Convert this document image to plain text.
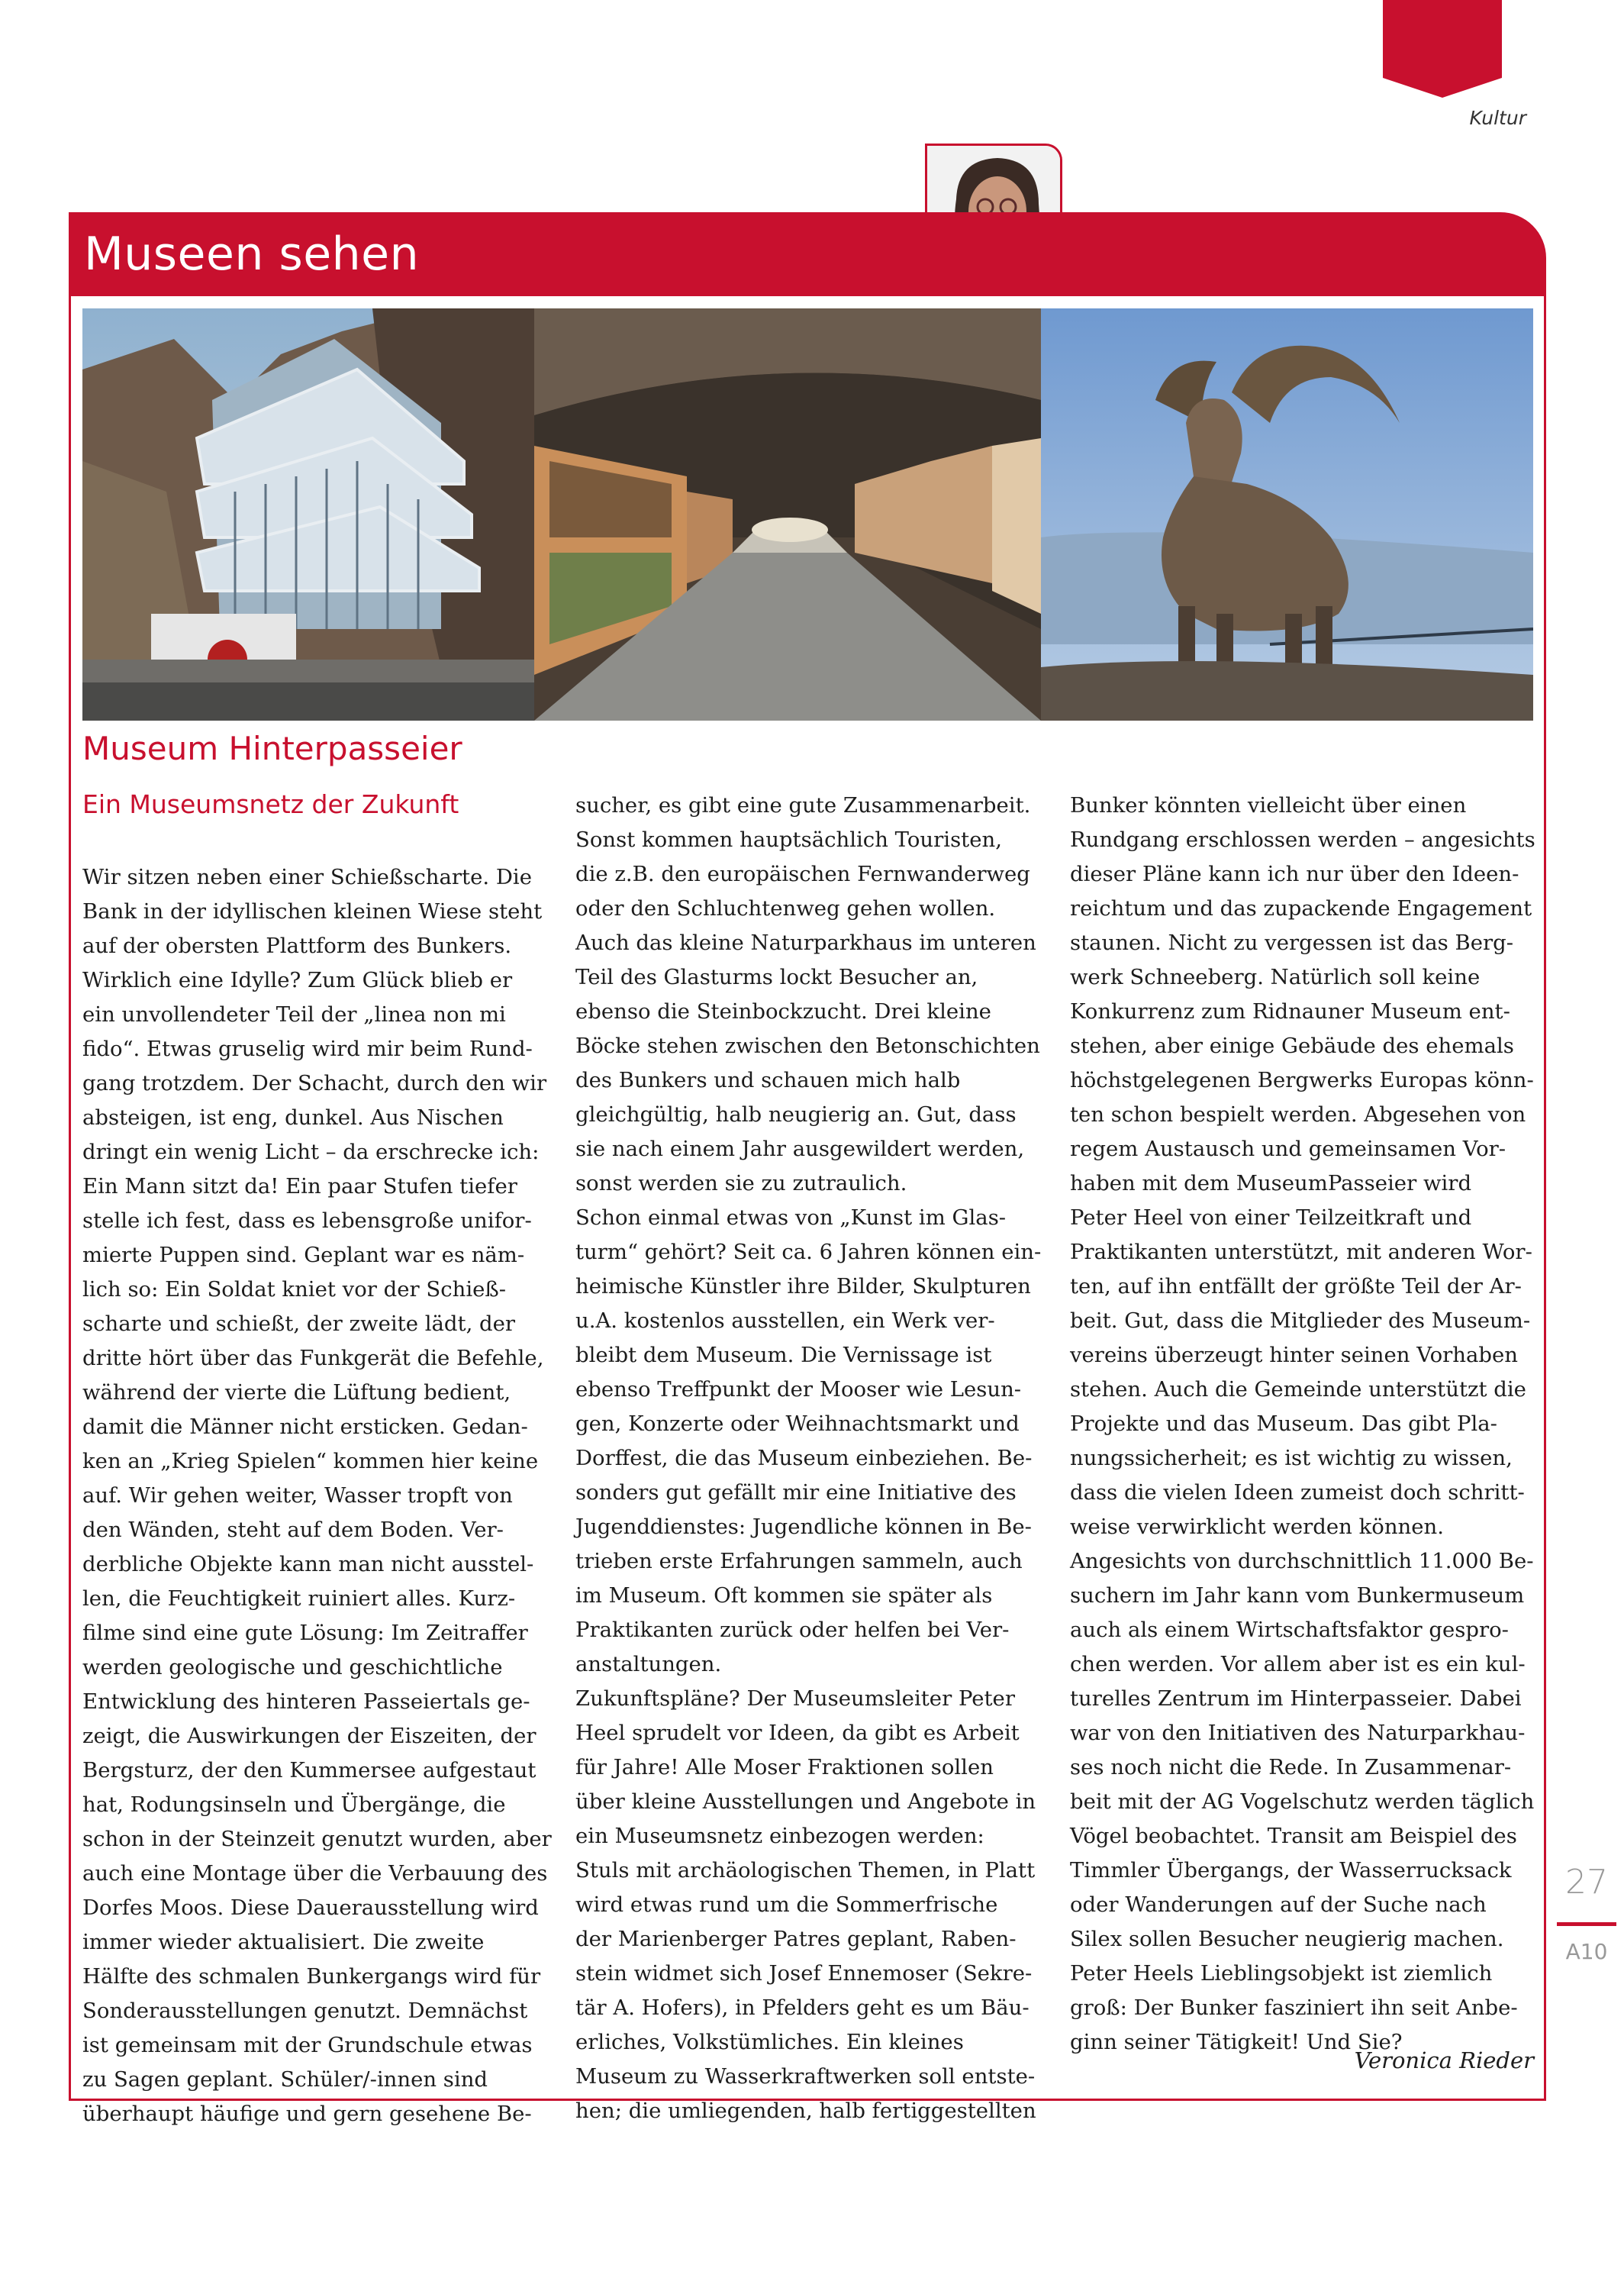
Kultur
Museen sehen
Museum Hinterpasseier
Ein Museumsnetz der Zukunft

Wir sitzen neben einer Schießscharte. Die

Bank in der idyllischen kleinen Wiese steht

auf der obersten Plattform des Bunkers.

Wirklich eine Idylle? Zum Glück blieb er

ein unvollendeter Teil der „linea non mi

fido“. Etwas gruselig wird mir beim Rund-

gang trotzdem. Der Schacht, durch den wir

absteigen, ist eng, dunkel. Aus Nischen

dringt ein wenig Licht – da erschrecke ich:

Ein Mann sitzt da! Ein paar Stufen tiefer

stelle ich fest, dass es lebensgroße unifor-

mierte Puppen sind. Geplant war es näm-

lich so: Ein Soldat kniet vor der Schieß-

scharte und schießt, der zweite lädt, der

dritte hört über das Funkgerät die Befehle,

während der vierte die Lüftung bedient,

damit die Männer nicht ersticken. Gedan-

ken an „Krieg Spielen“ kommen hier keine

auf. Wir gehen weiter, Wasser tropft von

den Wänden, steht auf dem Boden. Ver-

derbliche Objekte kann man nicht ausstel-

len, die Feuchtigkeit ruiniert alles. Kurz-

filme sind eine gute Lösung: Im Zeitraffer

werden geologische und geschichtliche

Entwicklung des hinteren Passeiertals ge-

zeigt, die Auswirkungen der Eiszeiten, der

Bergsturz, der den Kummersee aufgestaut

hat, Rodungsinseln und Übergänge, die

schon in der Steinzeit genutzt wurden, aber

auch eine Montage über die Verbauung des

Dorfes Moos. Diese Dauerausstellung wird

immer wieder aktualisiert. Die zweite

Hälfte des schmalen Bunkergangs wird für

Sonderausstellungen genutzt. Demnächst

ist gemeinsam mit der Grundschule etwas

zu Sagen geplant. Schüler/-innen sind

überhaupt häufige und gern gesehene Be-

sucher, es gibt eine gute Zusammenarbeit.

Sonst kommen hauptsächlich Touristen,

die z.B. den europäischen Fernwanderweg

oder den Schluchtenweg gehen wollen.

Auch das kleine Naturparkhaus im unteren

Teil des Glasturms lockt Besucher an,

ebenso die Steinbockzucht. Drei kleine

Böcke stehen zwischen den Betonschichten

des Bunkers und schauen mich halb

gleichgültig, halb neugierig an. Gut, dass

sie nach einem Jahr ausgewildert werden,

sonst werden sie zu zutraulich.

Schon einmal etwas von „Kunst im Glas-

turm“ gehört? Seit ca. 6 Jahren können ein-

heimische Künstler ihre Bilder, Skulpturen

u.A. kostenlos ausstellen, ein Werk ver-

bleibt dem Museum. Die Vernissage ist

ebenso Treffpunkt der Mooser wie Lesun-

gen, Konzerte oder Weihnachtsmarkt und

Dorffest, die das Museum einbeziehen. Be-

sonders gut gefällt mir eine Initiative des

Jugenddienstes: Jugendliche können in Be-

trieben erste Erfahrungen sammeln, auch

im Museum. Oft kommen sie später als

Praktikanten zurück oder helfen bei Ver-

anstaltungen.

Zukunftspläne? Der Museumsleiter Peter

Heel sprudelt vor Ideen, da gibt es Arbeit

für Jahre! Alle Moser Fraktionen sollen

über kleine Ausstellungen und Angebote in

ein Museumsnetz einbezogen werden:

Stuls mit archäologischen Themen, in Platt

wird etwas rund um die Sommerfrische

der Marienberger Patres geplant, Raben-

stein widmet sich Josef Ennemoser (Sekre-

tär A. Hofers), in Pfelders geht es um Bäu-

erliches, Volkstümliches. Ein kleines

Museum zu Wasserkraftwerken soll entste-

hen; die umliegenden, halb fertiggestellten

Bunker könnten vielleicht über einen

Rundgang erschlossen werden – angesichts

dieser Pläne kann ich nur über den Ideen-

reichtum und das zupackende Engagement

staunen. Nicht zu vergessen ist das Berg-

werk Schneeberg. Natürlich soll keine

Konkurrenz zum Ridnauner Museum ent-

stehen, aber einige Gebäude des ehemals

höchstgelegenen Bergwerks Europas könn-

ten schon bespielt werden. Abgesehen von

regem Austausch und gemeinsamen Vor-

haben mit dem MuseumPasseier wird

Peter Heel von einer Teilzeitkraft und

Praktikanten unterstützt, mit anderen Wor-

ten, auf ihn entfällt der größte Teil der Ar-

beit. Gut, dass die Mitglieder des Museum-

vereins überzeugt hinter seinen Vorhaben

stehen. Auch die Gemeinde unterstützt die

Projekte und das Museum. Das gibt Pla-

nungssicherheit; es ist wichtig zu wissen,

dass die vielen Ideen zumeist doch schritt-

weise verwirklicht werden können.

Angesichts von durchschnittlich 11.000 Be-

suchern im Jahr kann vom Bunkermuseum

auch als einem Wirtschaftsfaktor gespro-

chen werden. Vor allem aber ist es ein kul-

turelles Zentrum im Hinterpasseier. Dabei

war von den Initiativen des Naturparkhau-

ses noch nicht die Rede. In Zusammenar-

beit mit der AG Vogelschutz werden täglich

Vögel beobachtet. Transit am Beispiel des

Timmler Übergangs, der Wasserrucksack

oder Wanderungen auf der Suche nach

Silex sollen Besucher neugierig machen.

Peter Heels Lieblingsobjekt ist ziemlich

groß: Der Bunker fasziniert ihn seit Anbe-

ginn seiner Tätigkeit! Und Sie?

Veronica Rieder
27
A10
